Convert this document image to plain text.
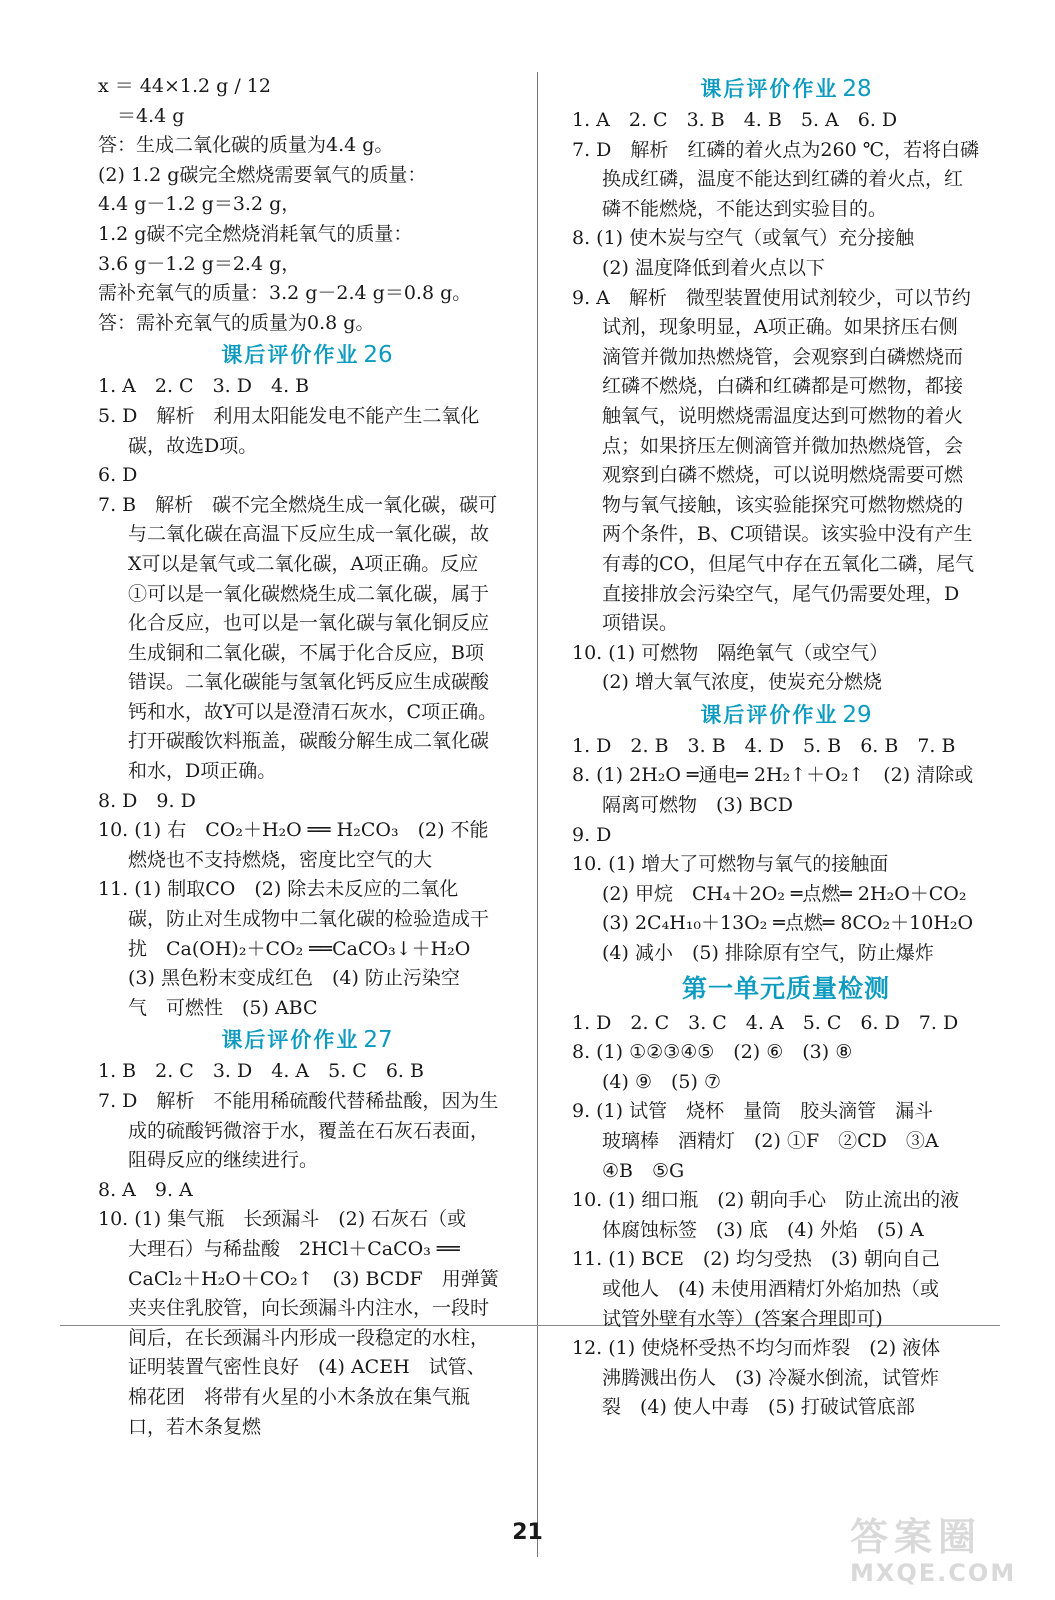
x ＝ 44×1.2 g / 12
　＝4.4 g
答：生成二氧化碳的质量为4.4 g。
(2) 1.2 g碳完全燃烧需要氧气的质量：
4.4 g－1.2 g＝3.2 g，
1.2 g碳不完全燃烧消耗氧气的质量：
3.6 g－1.2 g＝2.4 g，
需补充氧气的质量：3.2 g－2.4 g＝0.8 g。
答：需补充氧气的质量为0.8 g。
课后评价作业 26
1. A　2. C　3. D　4. B
5. D　解析　利用太阳能发电不能产生二氧化
碳，故选D项。
6. D
7. B　解析　碳不完全燃烧生成一氧化碳，碳可
与二氧化碳在高温下反应生成一氧化碳，故
X可以是氧气或二氧化碳，A项正确。反应
①可以是一氧化碳燃烧生成二氧化碳，属于
化合反应，也可以是一氧化碳与氧化铜反应
生成铜和二氧化碳，不属于化合反应，B项
错误。二氧化碳能与氢氧化钙反应生成碳酸
钙和水，故Y可以是澄清石灰水，C项正确。
打开碳酸饮料瓶盖，碳酸分解生成二氧化碳
和水，D项正确。
8. D　9. D
10. (1) 右　CO₂＋H₂O ══ H₂CO₃　(2) 不能
燃烧也不支持燃烧，密度比空气的大
11. (1) 制取CO　(2) 除去未反应的二氧化
碳，防止对生成物中二氧化碳的检验造成干
扰　Ca(OH)₂＋CO₂ ══CaCO₃↓＋H₂O
(3) 黑色粉末变成红色　(4) 防止污染空
气　可燃性　(5) ABC
课后评价作业 27
1. B　2. C　3. D　4. A　5. C　6. B
7. D　解析　不能用稀硫酸代替稀盐酸，因为生
成的硫酸钙微溶于水，覆盖在石灰石表面，
阻碍反应的继续进行。
8. A　9. A
10. (1) 集气瓶　长颈漏斗　(2) 石灰石（或
大理石）与稀盐酸　2HCl＋CaCO₃ ══
CaCl₂＋H₂O＋CO₂↑　(3) BCDF　用弹簧
夹夹住乳胶管，向长颈漏斗内注水，一段时
间后，在长颈漏斗内形成一段稳定的水柱，
证明装置气密性良好　(4) ACEH　试管、
棉花团　将带有火星的小木条放在集气瓶
口，若木条复燃
课后评价作业 28
1. A　2. C　3. B　4. B　5. A　6. D
7. D　解析　红磷的着火点为260 ℃，若将白磷
换成红磷，温度不能达到红磷的着火点，红
磷不能燃烧，不能达到实验目的。
8. (1) 使木炭与空气（或氧气）充分接触
(2) 温度降低到着火点以下
9. A　解析　微型装置使用试剂较少，可以节约
试剂，现象明显，A项正确。如果挤压右侧
滴管并微加热燃烧管，会观察到白磷燃烧而
红磷不燃烧，白磷和红磷都是可燃物，都接
触氧气，说明燃烧需温度达到可燃物的着火
点；如果挤压左侧滴管并微加热燃烧管，会
观察到白磷不燃烧，可以说明燃烧需要可燃
物与氧气接触，该实验能探究可燃物燃烧的
两个条件，B、C项错误。该实验中没有产生
有毒的CO，但尾气中存在五氧化二磷，尾气
直接排放会污染空气，尾气仍需要处理，D
项错误。
10. (1) 可燃物　隔绝氧气（或空气）
(2) 增大氧气浓度，使炭充分燃烧
课后评价作业 29
1. D　2. B　3. B　4. D　5. B　6. B　7. B
8. (1) 2H₂O ═通电═ 2H₂↑＋O₂↑　(2) 清除或
隔离可燃物　(3) BCD
9. D
10. (1) 增大了可燃物与氧气的接触面
(2) 甲烷　CH₄＋2O₂ ═点燃═ 2H₂O＋CO₂
(3) 2C₄H₁₀＋13O₂ ═点燃═ 8CO₂＋10H₂O
(4) 减小　(5) 排除原有空气，防止爆炸
第一单元质量检测
1. D　2. C　3. C　4. A　5. C　6. D　7. D
8. (1) ①②③④⑤　(2) ⑥　(3) ⑧
(4) ⑨　(5) ⑦
9. (1) 试管　烧杯　量筒　胶头滴管　漏斗
玻璃棒　酒精灯　(2) ①F　②CD　③A
④B　⑤G
10. (1) 细口瓶　(2) 朝向手心　防止流出的液
体腐蚀标签　(3) 底　(4) 外焰　(5) A
11. (1) BCE　(2) 均匀受热　(3) 朝向自己
或他人　(4) 未使用酒精灯外焰加热（或
试管外壁有水等）(答案合理即可)
12. (1) 使烧杯受热不均匀而炸裂　(2) 液体
沸腾溅出伤人　(3) 冷凝水倒流，试管炸
裂　(4) 使人中毒　(5) 打破试管底部
21	答案圈
MXQE.COM
